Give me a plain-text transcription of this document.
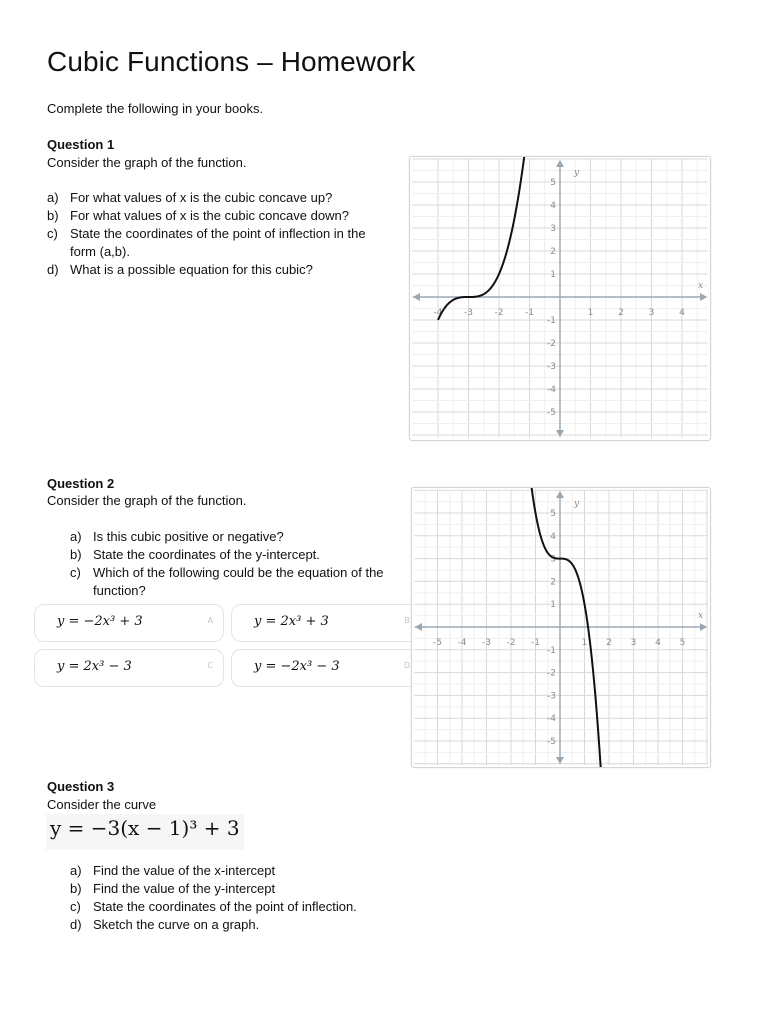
Cubic Functions – Homework
Complete the following in your books.
Question 1
Consider the graph of the function.
a) For what values of x is the cubic concave up?
b) For what values of x is the cubic concave down?
c) State the coordinates of the point of inflection in the form (a,b).
d) What is a possible equation for this cubic?
-4 -3 -2 -1	1	2	3	4
5
4
3
2
1
-1
-2
-3
-4
-5
x
y
Question 2
Consider the graph of the function.
a) Is this cubic positive or negative?
b) State the coordinates of the y-intercept.
c) Which of the following could be the equation of the function?
y = −2x³ + 3	A	y = 2x³ + 3	B
y = 2x³ − 3	C	y = −2x³ − 3	D
-5 -4 -3 -2 -1	1 2 3 4 5
5
4
3
2
1
-1
-2
-3
-4
-5
x
y
Question 3
Consider the curve
y = −3(x − 1)³ + 3
a) Find the value of the x-intercept
b) Find the value of the y-intercept
c) State the coordinates of the point of inflection.
d) Sketch the curve on a graph.
